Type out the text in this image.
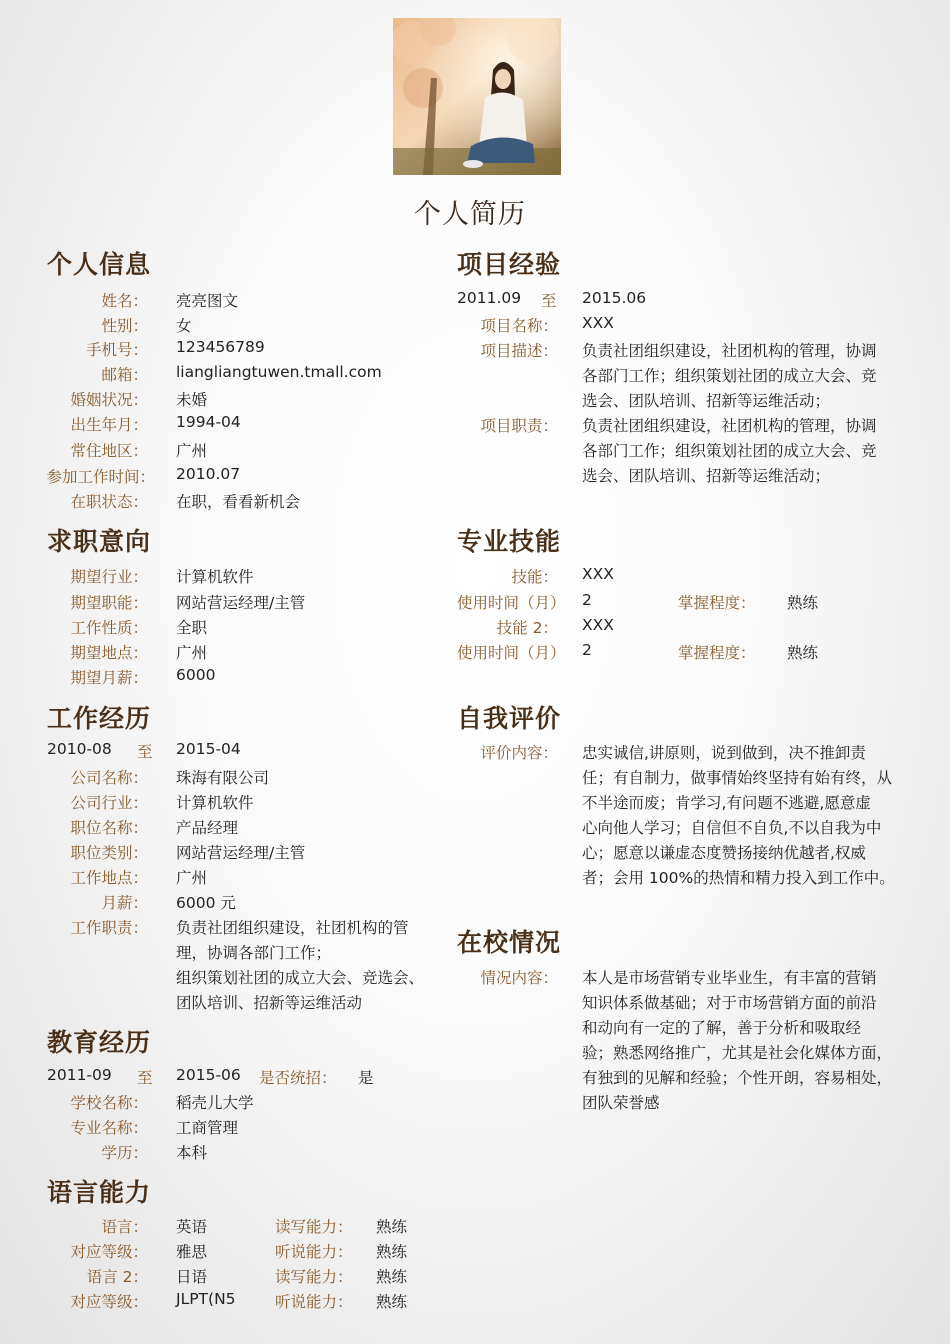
个人简历
个人信息
姓名： 亮亮图文
性别： 女
手机号： 123456789
邮箱： liangliangtuwen.tmall.com
婚姻状况： 未婚
出生年月： 1994-04
常住地区： 广州
参加工作时间： 2010.07
在职状态： 在职，看看新机会
求职意向
期望行业： 计算机软件
期望职能： 网站营运经理/主管
工作性质： 全职
期望地点： 广州
期望月薪： 6000
工作经历
2010-08 至 2015-04
公司名称： 珠海有限公司
公司行业： 计算机软件
职位名称： 产品经理
职位类别： 网站营运经理/主管
工作地点： 广州
月薪： 6000 元
工作职责： 负责社团组织建设，社团机构的管
理，协调各部门工作；
组织策划社团的成立大会、竞选会、
团队培训、招新等运维活动
教育经历
2011-09 至 2015-06 是否统招： 是
学校名称： 稻壳儿大学
专业名称： 工商管理
学历： 本科
语言能力
语言： 英语	读写能力： 熟练
对应等级： 雅思	听说能力： 熟练
语言 2： 日语	读写能力： 熟练
对应等级： JLPT(N5	听说能力： 熟练
项目经验
2011.09 至 2015.06
项目名称： XXX
项目描述： 负责社团组织建设，社团机构的管理，协调
各部门工作；组织策划社团的成立大会、竞
选会、团队培训、招新等运维活动；
项目职责： 负责社团组织建设，社团机构的管理，协调
各部门工作；组织策划社团的成立大会、竞
选会、团队培训、招新等运维活动；
专业技能
技能： XXX
使用时间（月） 2	掌握程度： 熟练
技能 2： XXX
使用时间（月） 2	掌握程度： 熟练
自我评价
评价内容： 忠实诚信,讲原则，说到做到，决不推卸责
任；有自制力，做事情始终坚持有始有终，从
不半途而废；肯学习,有问题不逃避,愿意虚
心向他人学习；自信但不自负,不以自我为中
心；愿意以谦虚态度赞扬接纳优越者,权威
者；会用 100%的热情和精力投入到工作中。
在校情况
情况内容： 本人是市场营销专业毕业生，有丰富的营销
知识体系做基础；对于市场营销方面的前沿
和动向有一定的了解，善于分析和吸取经
验；熟悉网络推广，尤其是社会化媒体方面，
有独到的见解和经验；个性开朗，容易相处，
团队荣誉感
